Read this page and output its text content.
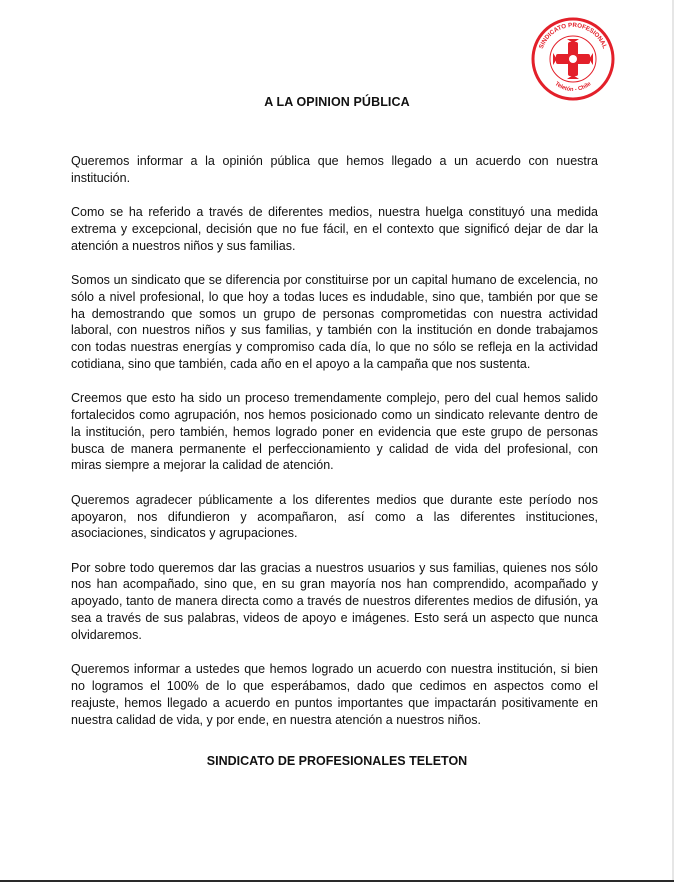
SINDICATO PROFESIONAL
Teletón - Chile
A LA OPINION PÚBLICA

Queremos informar a la opinión pública que hemos llegado a un acuerdo con nuestra institución.

Como se ha referido a través de diferentes medios, nuestra huelga constituyó una medida extrema y excepcional, decisión que no fue fácil, en el contexto que significó dejar de dar la atención a nuestros niños y sus familias.

Somos un sindicato que se diferencia por constituirse por un capital humano de excelencia, no sólo a nivel profesional, lo que hoy a todas luces es indudable, sino que, también por que se ha demostrando que somos un grupo de personas comprometidas con nuestra actividad laboral, con nuestros niños y sus familias, y también con la institución en donde trabajamos con todas nuestras energías y compromiso cada día, lo que no sólo se refleja en la actividad cotidiana, sino que también, cada año en el apoyo a la campaña que nos sustenta.

Creemos que esto ha sido un proceso tremendamente complejo, pero del cual hemos salido fortalecidos como agrupación, nos hemos posicionado como un sindicato relevante dentro de la institución, pero también, hemos logrado poner en evidencia que este grupo de personas busca de manera permanente el perfeccionamiento y calidad de vida del profesional, con miras siempre a mejorar la calidad de atención.

Queremos agradecer públicamente a los diferentes medios que durante este período nos apoyaron, nos difundieron y acompañaron, así como a las diferentes instituciones, asociaciones, sindicatos y agrupaciones.

Por sobre todo queremos dar las gracias a nuestros usuarios y sus familias, quienes nos sólo nos han acompañado, sino que, en su gran mayoría nos han comprendido, acompañado y apoyado, tanto de manera directa como a través de nuestros diferentes medios de difusión, ya sea a través de sus palabras, videos de apoyo e imágenes. Esto será un aspecto que nunca olvidaremos.

Queremos informar a ustedes que hemos logrado un acuerdo con nuestra institución, si bien no logramos el 100% de lo que esperábamos, dado que cedimos en aspectos como el reajuste, hemos llegado a acuerdo en puntos importantes que impactarán positivamente en nuestra calidad de vida, y por ende, en nuestra atención a nuestros niños.

SINDICATO DE PROFESIONALES TELETON
